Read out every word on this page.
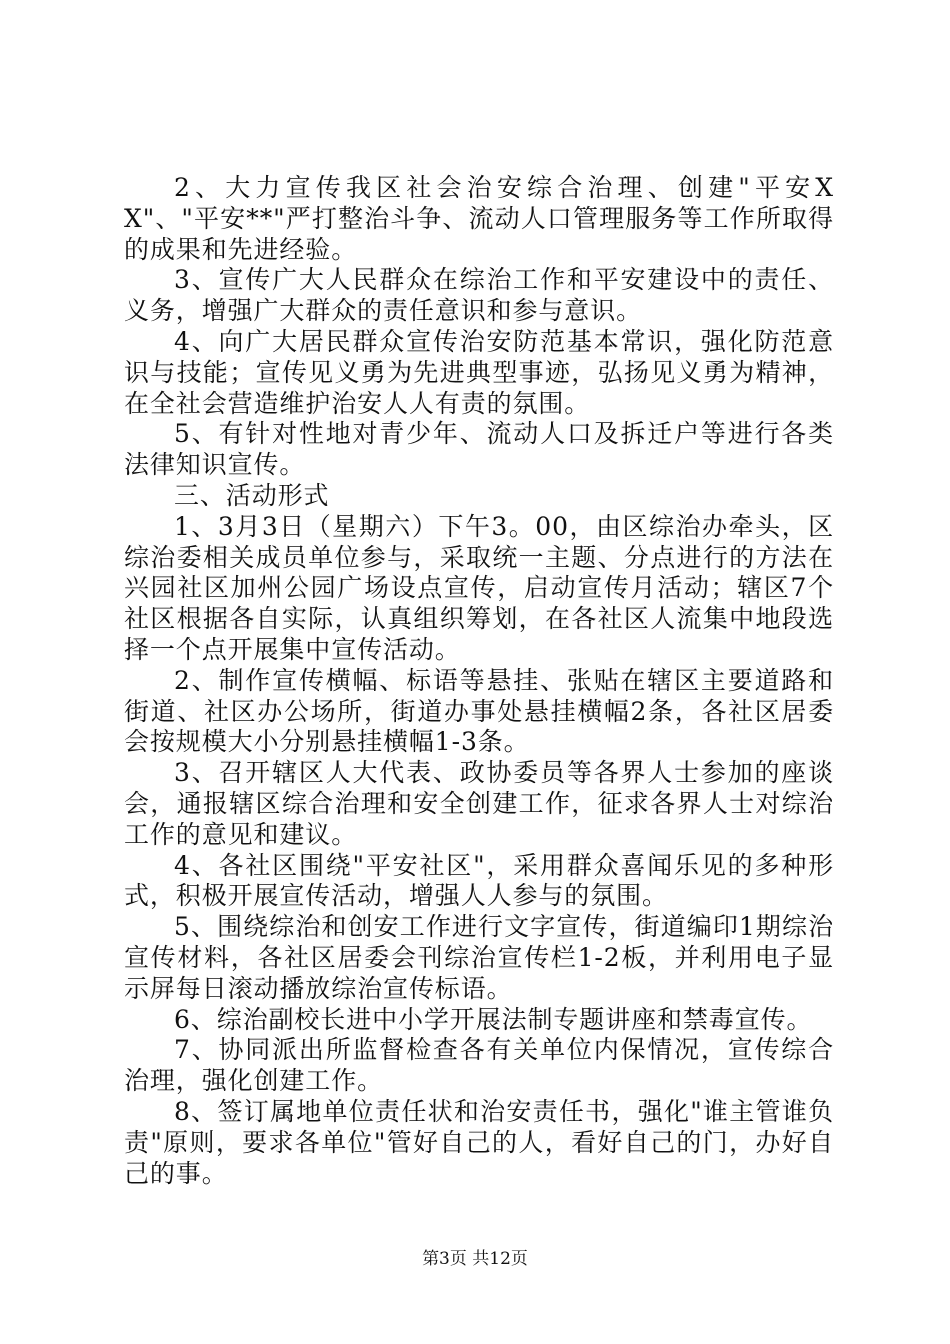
2、大力宣传我区社会治安综合治理、创建"平安XX"、"平安**"严打整治斗争、流动人口管理服务等工作所取得的成果和先进经验。

3、宣传广大人民群众在综治工作和平安建设中的责任、义务，增强广大群众的责任意识和参与意识。

4、向广大居民群众宣传治安防范基本常识，强化防范意识与技能；宣传见义勇为先进典型事迹，弘扬见义勇为精神，在全社会营造维护治安人人有责的氛围。

5、有针对性地对青少年、流动人口及拆迁户等进行各类法律知识宣传。

三、活动形式

1、3月3日（星期六）下午3。00，由区综治办牵头，区综治委相关成员单位参与，采取统一主题、分点进行的方法在兴园社区加州公园广场设点宣传，启动宣传月活动；辖区7个社区根据各自实际，认真组织筹划，在各社区人流集中地段选择一个点开展集中宣传活动。

2、制作宣传横幅、标语等悬挂、张贴在辖区主要道路和街道、社区办公场所，街道办事处悬挂横幅2条，各社区居委会按规模大小分别悬挂横幅1-3条。

3、召开辖区人大代表、政协委员等各界人士参加的座谈会，通报辖区综合治理和安全创建工作，征求各界人士对综治工作的意见和建议。

4、各社区围绕"平安社区"，采用群众喜闻乐见的多种形式，积极开展宣传活动，增强人人参与的氛围。

5、围绕综治和创安工作进行文字宣传，街道编印1期综治宣传材料，各社区居委会刊综治宣传栏1-2板，并利用电子显示屏每日滚动播放综治宣传标语。

6、综治副校长进中小学开展法制专题讲座和禁毒宣传。

7、协同派出所监督检查各有关单位内保情况，宣传综合治理，强化创建工作。

8、签订属地单位责任状和治安责任书，强化"谁主管谁负责"原则，要求各单位"管好自己的人，看好自己的门，办好自己的事。

第3页 共12页
